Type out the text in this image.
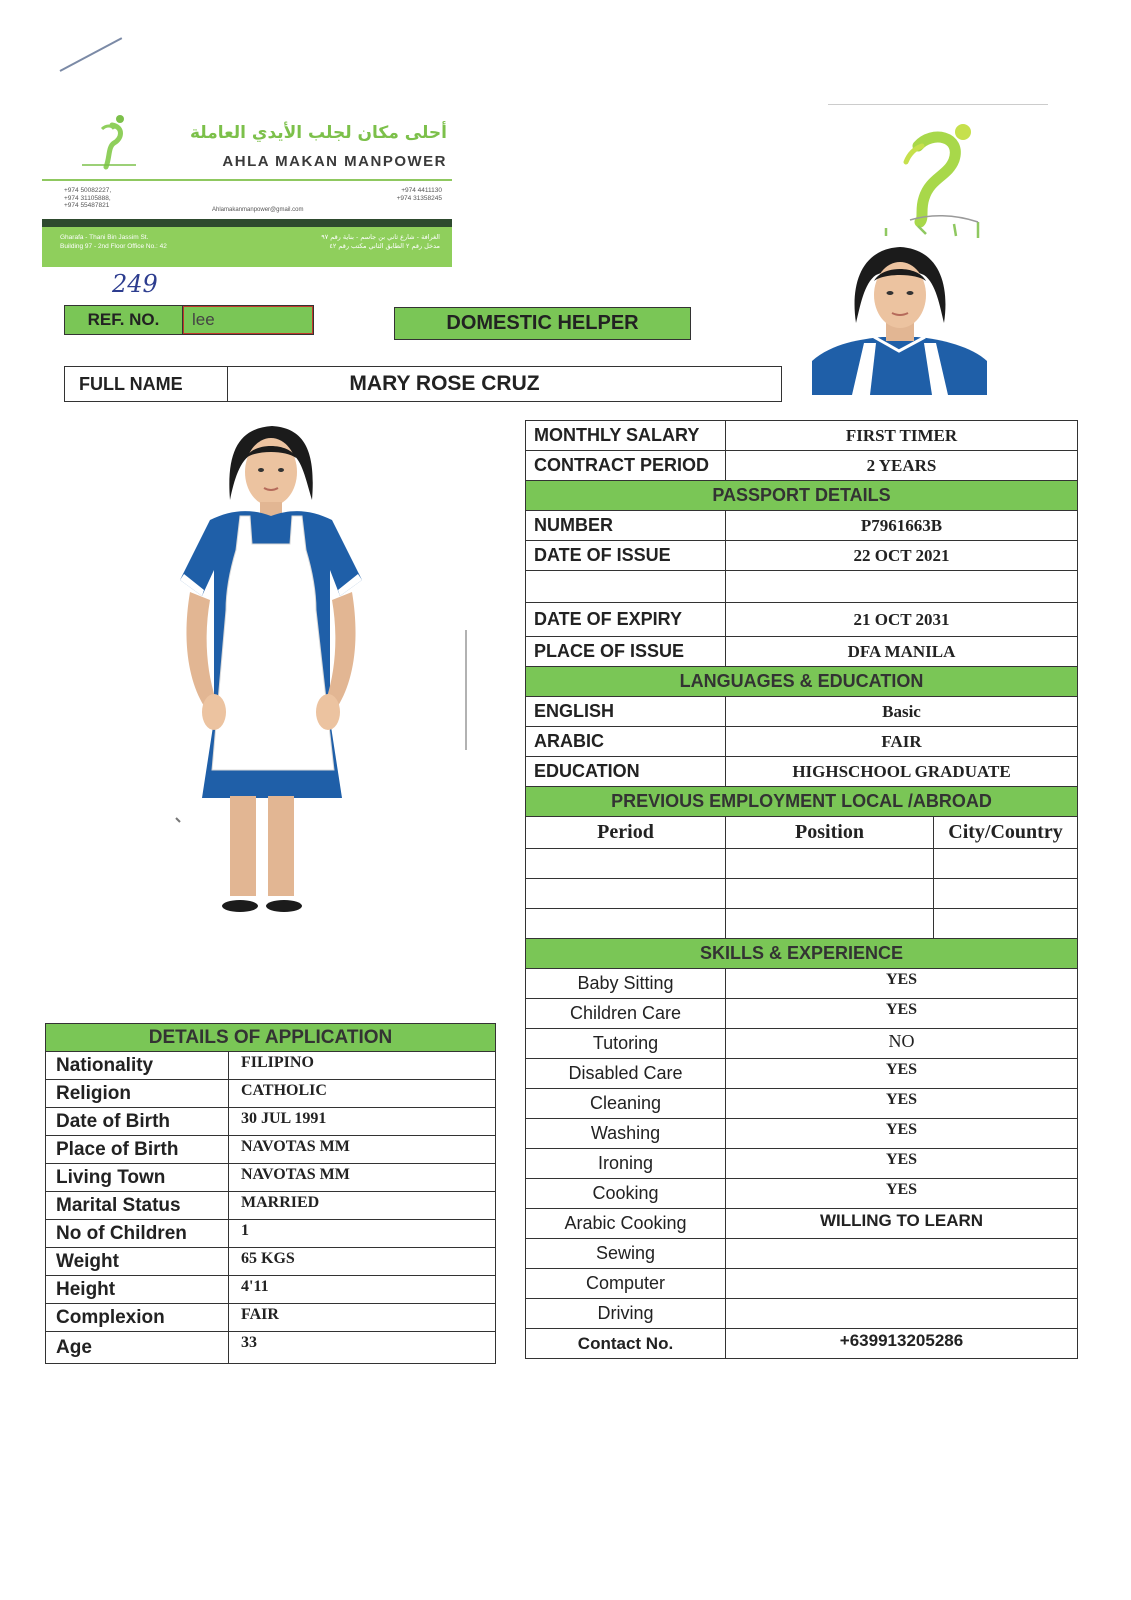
أحلى مكان لجلب الأيدي العاملة
AHLA MAKAN MANPOWER
+974 50082227,
+974 31105888,
+974 55487821
+974 4411130
+974 31358245
Ahlamakanmanpower@gmail.com
Gharafa - Thani Bin Jassim St.
Building 97 - 2nd Floor Office No.: 42
الغرافة - شارع ثاني بن جاسم - بناية رقم ٩٧
مدخل رقم ٢ الطابق الثاني مكتب رقم ٤٢
249
REF. NO.	lee	DOMESTIC HELPER
FULL NAME	MARY ROSE CRUZ
MONTHLY SALARY	FIRST TIMER	
CONTRACT PERIOD	2 YEARS	
PASSPORT DETAILS		
NUMBER	P7961663B	
DATE OF ISSUE	22 OCT 2021	

DATE OF EXPIRY	21 OCT 2031	
PLACE OF ISSUE	DFA MANILA	
LANGUAGES & EDUCATION		
ENGLISH	Basic	
ARABIC	FAIR	
EDUCATION	HIGHSCHOOL GRADUATE	
PREVIOUS EMPLOYMENT LOCAL /ABROAD		
Period	Position	City/Country

SKILLS & EXPERIENCE		
Baby Sitting	YES	
Children Care	YES	
Tutoring	NO	
Disabled Care	YES	
Cleaning	YES	
Washing	YES	
Ironing	YES	
Cooking	YES	
Arabic Cooking	WILLING TO LEARN	
Sewing		
Computer		
Driving		
Contact No.	+639913205286	
DETAILS OF APPLICATION	
Nationality	FILIPINO
Religion	CATHOLIC
Date of Birth	30 JUL 1991
Place of Birth	NAVOTAS MM
Living Town	NAVOTAS MM
Marital Status	MARRIED
No of Children	1
Weight	65 KGS
Height	4'11
Complexion	FAIR
Age	33
